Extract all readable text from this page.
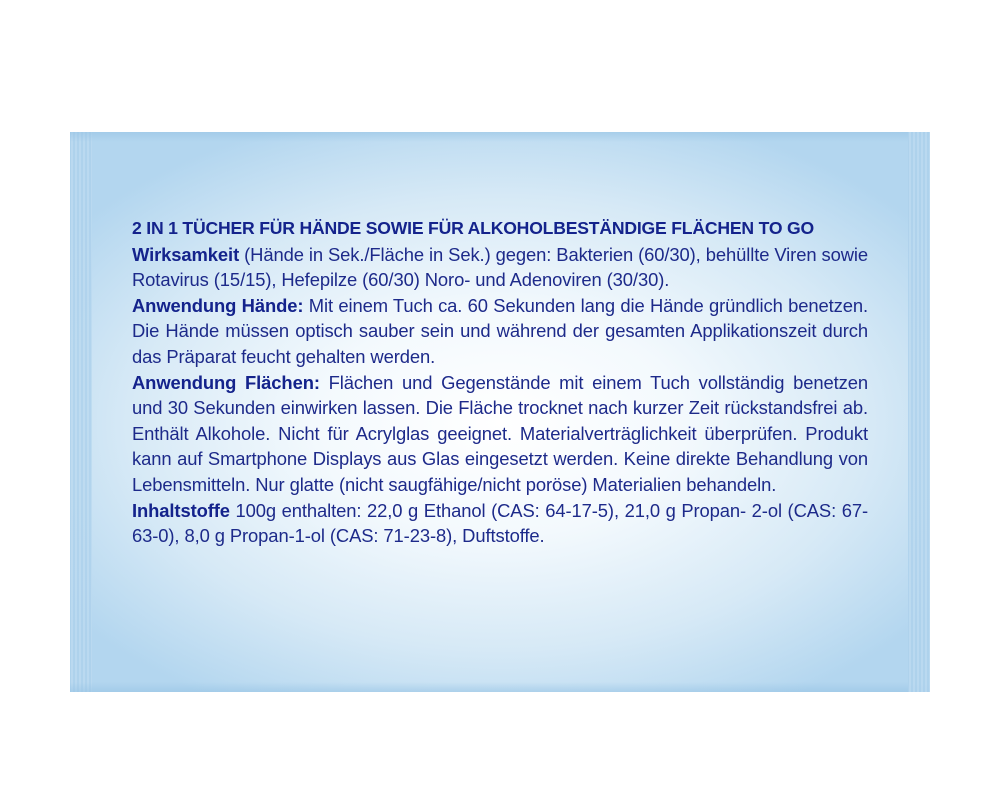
2 IN 1 TÜCHER FÜR HÄNDE SOWIE FÜR ALKOHOLBESTÄNDIGE FLÄCHEN TO GO

Wirksamkeit (Hände in Sek./Fläche in Sek.) gegen: Bakterien (60/30), behüllte Viren sowie Rotavirus (15/15), Hefepilze (60/30) Noro- und Adenoviren (30/30).

Anwendung Hände: Mit einem Tuch ca. 60 Sekunden lang die Hände gründlich benetzen. Die Hände müssen optisch sauber sein und während der gesamten Applikationszeit durch das Präparat feucht gehalten werden.

Anwendung Flächen: Flächen und Gegenstände mit einem Tuch vollständig benetzen und 30 Sekunden einwirken lassen. Die Fläche trocknet nach kurzer Zeit rückstandsfrei ab. Enthält Alkohole. Nicht für Acrylglas geeignet. Materialverträglichkeit überprüfen. Produkt kann auf Smartphone Displays aus Glas eingesetzt werden. Keine direkte Behandlung von Lebensmitteln. Nur glatte (nicht saugfähige/nicht poröse) Materialien behandeln.

Inhaltstoffe 100g enthalten: 22,0 g Ethanol (CAS: 64-17-5), 21,0 g Propan- 2-ol (CAS: 67-63-0), 8,0 g Propan-1-ol (CAS: 71-23-8), Duftstoffe.
